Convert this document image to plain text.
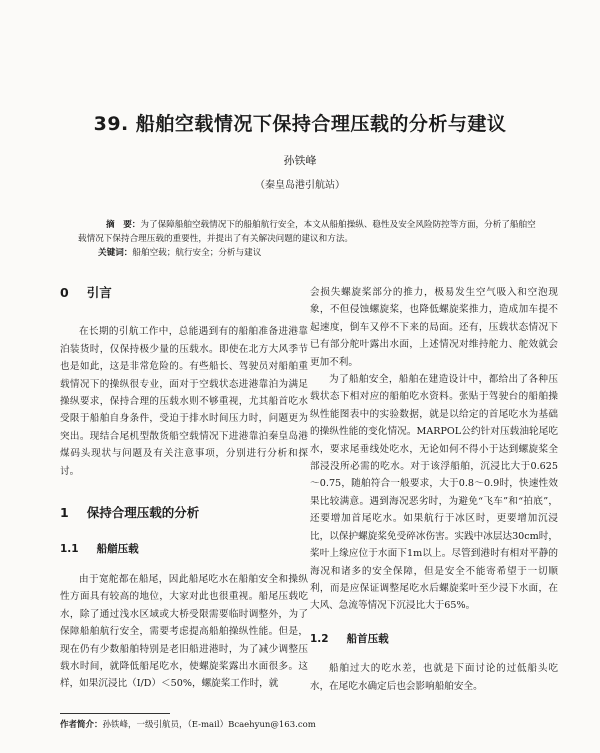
39. 船舶空载情况下保持合理压载的分析与建议
孙铁峰
（秦皇岛港引航站）

摘　要：为了保障船舶空载情况下的船舶航行安全，本文从船舶操纵、稳性及安全风险防控等方面，分析了船舶空载情况下保持合理压载的重要性，并提出了有关解决问题的建议和方法。

关键词：船舶空载；航行安全；分析与建议

0 引言

在长期的引航工作中，总能遇到有的船舶准备进港靠泊装货时，仅保持极少量的压载水。即使在北方大风季节也是如此，这是非常危险的。有些船长、驾驶员对船舶重载情况下的操纵很专业，面对于空载状态进港靠泊为满足操纵要求，保持合理的压载水则不够重视，尤其船首吃水受限于船舶自身条件，受迫于排水时间压力时，问题更为突出。现结合尾机型散货船空载情况下进港靠泊秦皇岛港煤码头现状与问题及有关注意事项，分别进行分析和探讨。

1 保持合理压载的分析
1.1 船艏压载

由于宽舵都在船尾，因此船尾吃水在船舶安全和操纵性方面具有较高的地位，大家对此也很重视。船尾压载吃水，除了通过浅水区域或大桥受限需要临时调整外，为了保障船舶航行安全，需要考虑提高船舶操纵性能。但是，现在仍有少数船舶特别是老旧船进港时，为了减少调整压载水时间，就降低船尾吃水，使螺旋桨露出水面很多。这样，如果沉浸比（I/D）＜50%，螺旋桨工作时，就

会损失螺旋桨部分的推力，极易发生空气吸入和空泡现象，不但侵蚀螺旋桨，也降低螺旋桨推力，造成加车提不起速度，倒车又停不下来的局面。还有，压载状态情况下已有部分舵叶露出水面，上述情况对维持舵力、舵效就会更加不利。

为了船舶安全，船舶在建造设计中，都给出了各种压载状态下相对应的船舶吃水资料。张贴于驾驶台的船舶操纵性能图表中的实验数据，就是以给定的首尾吃水为基础的操纵性能的变化情况。MARPOL公约针对压载油轮尾吃水，要求尾垂线处吃水，无论如何不得小于达到螺旋桨全部浸没所必需的吃水。对于该浮船舶，沉浸比大于0.625～0.75，随舶符合一般要求，大于0.8～0.9时，快速性效果比较满意。遇到海况恶劣时，为避免“飞车”和“拍底”，还要增加首尾吃水。如果航行于冰区时，更要增加沉浸比，以保护螺旋桨免受碎冰伤害。实践中冰层达30cm时，桨叶上缘应位于水面下1m以上。尽管到港时有相对平静的海况和诸多的安全保障，但是安全不能寄希望于一切顺利，而是应保证调整尾吃水后螺旋桨叶至少浸下水面，在大风、急流等情况下沉浸比大于65%。

1.2 船首压载

船舶过大的吃水差，也就是下面讨论的过低船头吃水，在尾吃水确定后也会影响船舶安全。

作者简介：孙铁峰，一级引航员，（E-mail）Bcaehyun@163.com
